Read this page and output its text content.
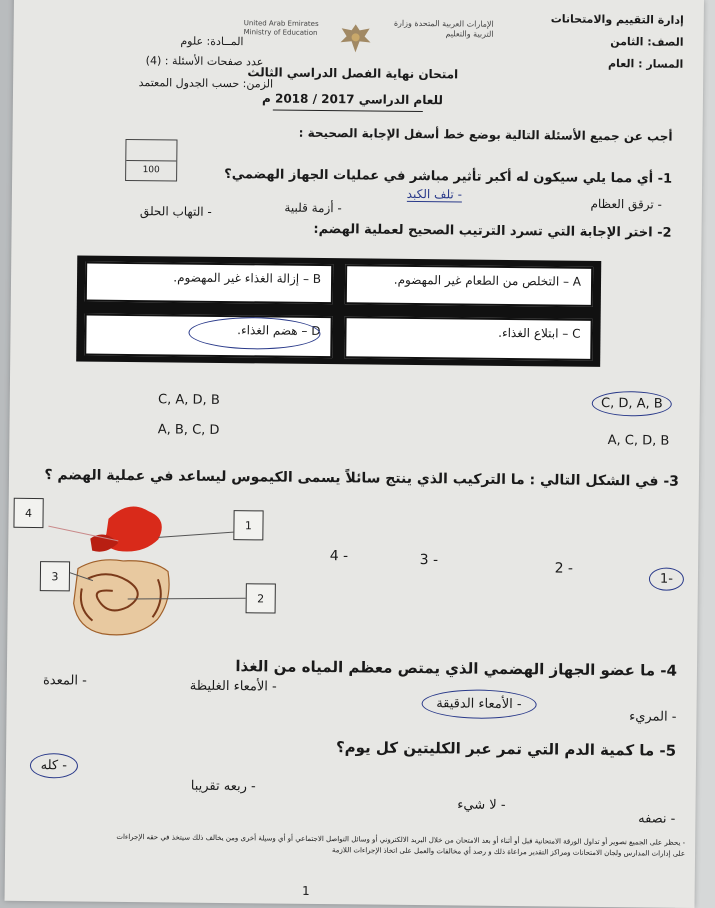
إدارة التقييم والامتحانات
الصف: الثامن
المسار : العام
الإمارات العربية المتحدة وزارة التربية والتعليم
United Arab Emirates Ministry of Education
امتحان نهاية الفصل الدراسي الثالث
للعام الدراسي 2017 / 2018 م
المــادة: علوم
عدد صفحات الأسئلة : (4)
الزمن: حسب الجدول المعتمد
أجب عن جميع الأسئلة التالية بوضع خط أسفل الإجابة الصحيحة :
100	1- أي مما يلي سيكون له أكبر تأثير مباشر في عمليات الجهاز الهضمي؟
- ترقق العظام
- تلف الكبد
- أزمة قلبية
- التهاب الحلق
2- اختر الإجابة التي تسرد الترتيب الصحيح لعملية الهضم:
A – التخلص من الطعام غير المهضوم.
B – إزالة الغذاء غير المهضوم.
C – ابتلاع الغذاء.
D – هضم الغذاء.
C, D, A, B
C, A, D, B
A, C, D, B
A, B, C, D
3- في الشكل التالي : ما التركيب الذي ينتج سائلاً يسمى الكيموس ليساعد في عملية الهضم ؟
4
1
3
2
1-
2 -
3 -
4 -
4- ما عضو الجهاز الهضمي الذي يمتص معظم المياه من الغذا
- المريء
- الأمعاء الدقيقة
- الأمعاء الغليظة
- المعدة
5- ما كمية الدم التي تمر عبر الكليتين كل يوم؟
- نصفه
- لا شيء
- ربعه تقريبا
- كله
- يحظر على الجميع تصوير أو تداول الورقة الامتحانية قبل أو أثناء أو بعد الامتحان من خلال البريد الالكتروني أو وسائل التواصل الاجتماعي أو أي وسيلة أخرى ومن يخالف ذلك سيتخذ في حقه الإجراءات
على إدارات المدارس ولجان الامتحانات ومراكز التقدير مراعاة ذلك و رصد أي مخالفات والعمل على اتخاذ الإجراءات اللازمة
1
